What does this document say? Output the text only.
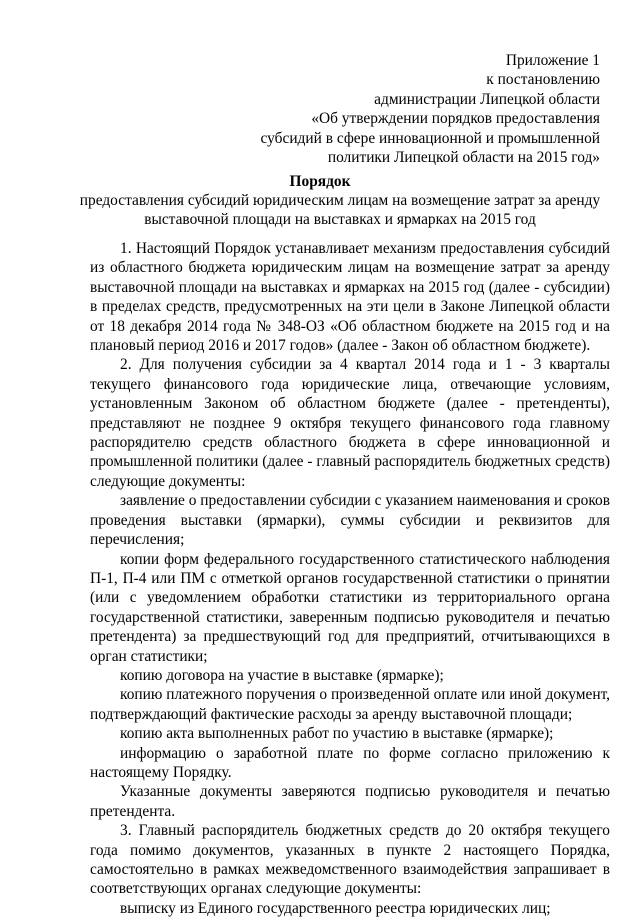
Приложение 1
к постановлению
администрации Липецкой области
«Об утверждении порядков предоставления
субсидий в сфере инновационной и промышленной
политики Липецкой области на 2015 год»
Порядок
предоставления субсидий юридическим лицам на возмещение затрат за аренду выставочной площади на выставках и ярмарках на 2015 год

1. Настоящий Порядок устанавливает механизм предоставления субсидий из областного бюджета юридическим лицам на возмещение затрат за аренду выставочной площади на выставках и ярмарках на 2015 год (далее - субсидии) в пределах средств, предусмотренных на эти цели в Законе Липецкой области от 18 декабря 2014 года № 348-ОЗ «Об областном бюджете на 2015 год и на плановый период 2016 и 2017 годов» (далее - Закон об областном бюджете).

2. Для получения субсидии за 4 квартал 2014 года и 1 - 3 кварталы текущего финансового года юридические лица, отвечающие условиям, установленным Законом об областном бюджете (далее - претенденты), представляют не позднее 9 октября текущего финансового года главному распорядителю средств областного бюджета в сфере инновационной и промышленной политики (далее - главный распорядитель бюджетных средств) следующие документы:

заявление о предоставлении субсидии с указанием наименования и сроков проведения выставки (ярмарки), суммы субсидии и реквизитов для перечисления;

копии форм федерального государственного статистического наблюдения П-1, П-4 или ПМ с отметкой органов государственной статистики о принятии (или с уведомлением обработки статистики из территориального органа государственной статистики, заверенным подписью руководителя и печатью претендента) за предшествующий год для предприятий, отчитывающихся в орган статистики;

копию договора на участие в выставке (ярмарке);

копию платежного поручения о произведенной оплате или иной документ, подтверждающий фактические расходы за аренду выставочной площади;

копию акта выполненных работ по участию в выставке (ярмарке);

информацию о заработной плате по форме согласно приложению к настоящему Порядку.

Указанные документы заверяются подписью руководителя и печатью претендента.

3. Главный распорядитель бюджетных средств до 20 октября текущего года помимо документов, указанных в пункте 2 настоящего Порядка, самостоятельно в рамках межведомственного взаимодействия запрашивает в соответствующих органах следующие документы:

выписку из Единого государственного реестра юридических лиц;
